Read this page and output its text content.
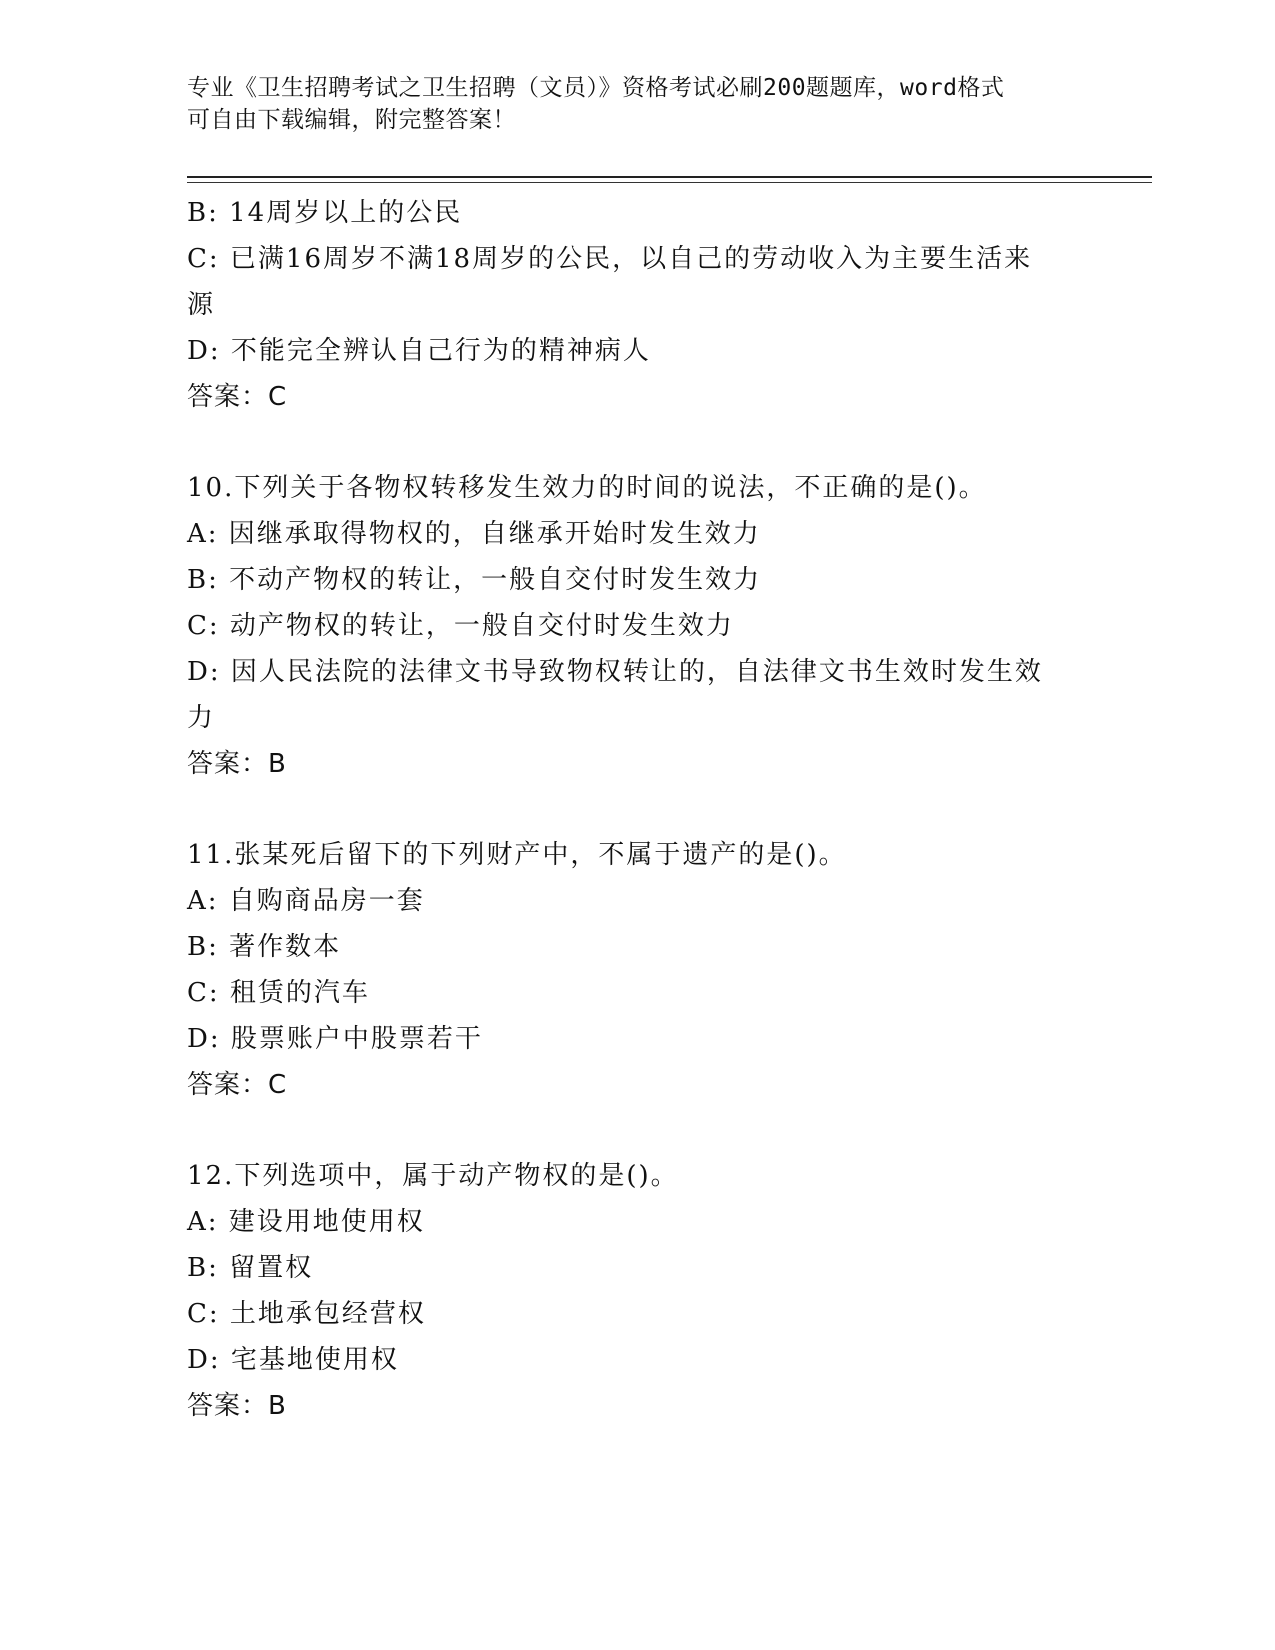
专业《卫生招聘考试之卫生招聘（文员）》资格考试必刷200题题库，word格式
可自由下载编辑，附完整答案！
B: 14周岁以上的公民
C: 已满16周岁不满18周岁的公民，以自己的劳动收入为主要生活来
源
D: 不能完全辨认自己行为的精神病人
答案：C
10.下列关于各物权转移发生效力的时间的说法，不正确的是()。
A: 因继承取得物权的，自继承开始时发生效力
B: 不动产物权的转让，一般自交付时发生效力
C: 动产物权的转让，一般自交付时发生效力
D: 因人民法院的法律文书导致物权转让的，自法律文书生效时发生效
力
答案：B
11.张某死后留下的下列财产中，不属于遗产的是()。
A: 自购商品房一套
B: 著作数本
C: 租赁的汽车
D: 股票账户中股票若干
答案：C
12.下列选项中，属于动产物权的是()。
A: 建设用地使用权
B: 留置权
C: 土地承包经营权
D: 宅基地使用权
答案：B
